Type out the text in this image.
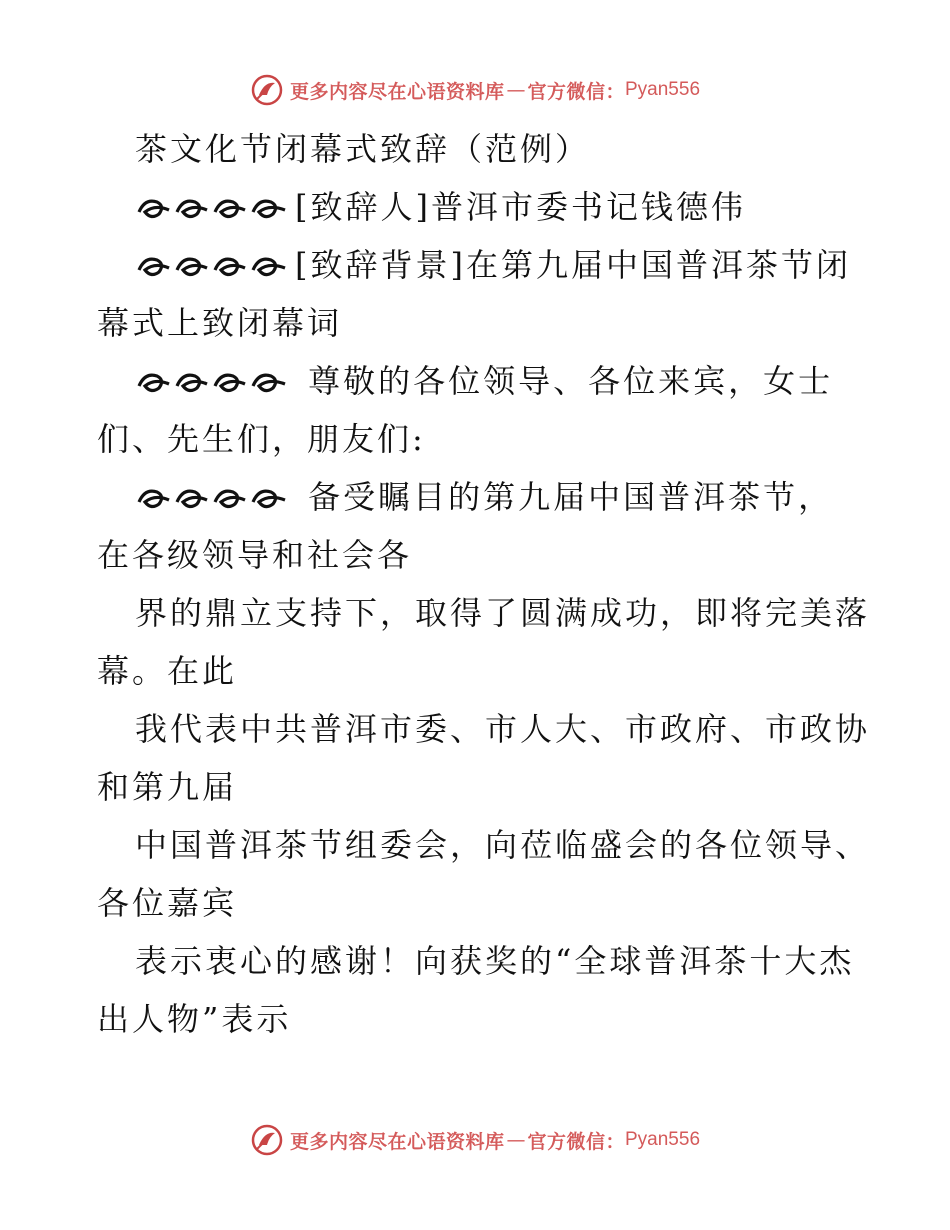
更多内容尽在心语资料库 — 官方微信： Pyan556
茶文化节闭幕式致辞（范例）
[致辞人]普洱市委书记钱德伟
[致辞背景]在第九届中国普洱茶节闭
幕式上致闭幕词
尊敬的各位领导、各位来宾，女士
们、先生们，朋友们:
备受瞩目的第九届中国普洱茶节，
在各级领导和社会各
界的鼎立支持下，取得了圆满成功，即将完美落
幕。在此
我代表中共普洱市委、市人大、市政府、市政协
和第九届
中国普洱茶节组委会，向莅临盛会的各位领导、
各位嘉宾
表示衷心的感谢！向获奖的“全球普洱茶十大杰
出人物”表示
更多内容尽在心语资料库 — 官方微信： Pyan556
